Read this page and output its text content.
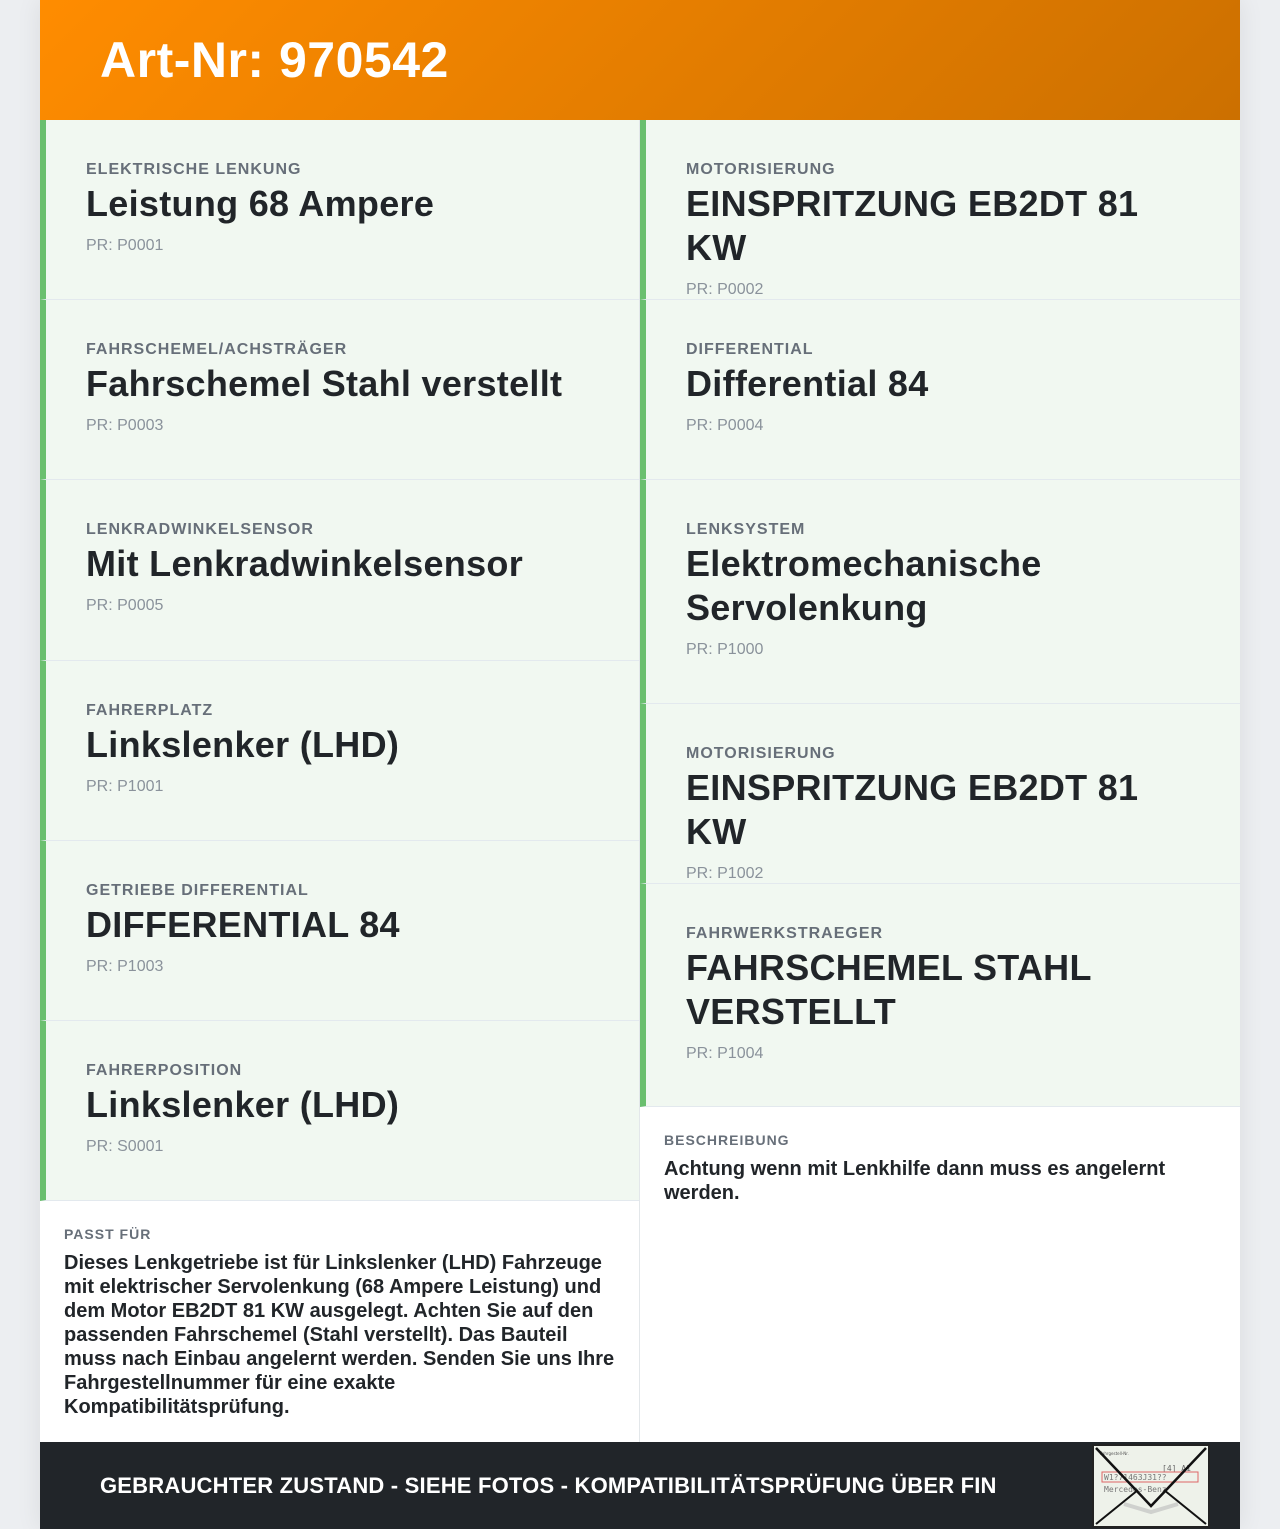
Art-Nr: 970542
ELEKTRISCHE LENKUNG
Leistung 68 Ampere
PR: P0001
FAHRSCHEMEL/ACHSTRÄGER
Fahrschemel Stahl verstellt
PR: P0003
LENKRADWINKELSENSOR
Mit Lenkradwinkelsensor
PR: P0005
FAHRERPLATZ
Linkslenker (LHD)
PR: P1001
GETRIEBE DIFFERENTIAL
DIFFERENTIAL 84
PR: P1003
FAHRERPOSITION
Linkslenker (LHD)
PR: S0001
PASST FÜR
Dieses Lenkgetriebe ist für Linkslenker (LHD) Fahrzeuge mit elektrischer Servolenkung (68 Ampere Leistung) und dem Motor EB2DT 81 KW ausgelegt. Achten Sie auf den passenden Fahrschemel (Stahl verstellt). Das Bauteil muss nach Einbau angelernt werden. Senden Sie uns Ihre Fahrgestellnummer für eine exakte Kompatibilitätsprüfung.
MOTORISIERUNG
EINSPRITZUNG EB2DT 81 KW
PR: P0002
DIFFERENTIAL
Differential 84
PR: P0004
LENKSYSTEM
Elektromechanische Servolenkung
PR: P1000
MOTORISIERUNG
EINSPRITZUNG EB2DT 81 KW
PR: P1002
FAHRWERKSTRAEGER
FAHRSCHEMEL STAHL VERSTELLT
PR: P1004
BESCHREIBUNG
Achtung wenn mit Lenkhilfe dann muss es angelernt werden.
GEBRAUCHTER ZUSTAND - SIEHE FOTOS - KOMPATIBILITÄTSPRÜFUNG ÜBER FIN
Fahrgestell-Nr.
[4] A1
W1?71463J31??
Mercedes-Benz
